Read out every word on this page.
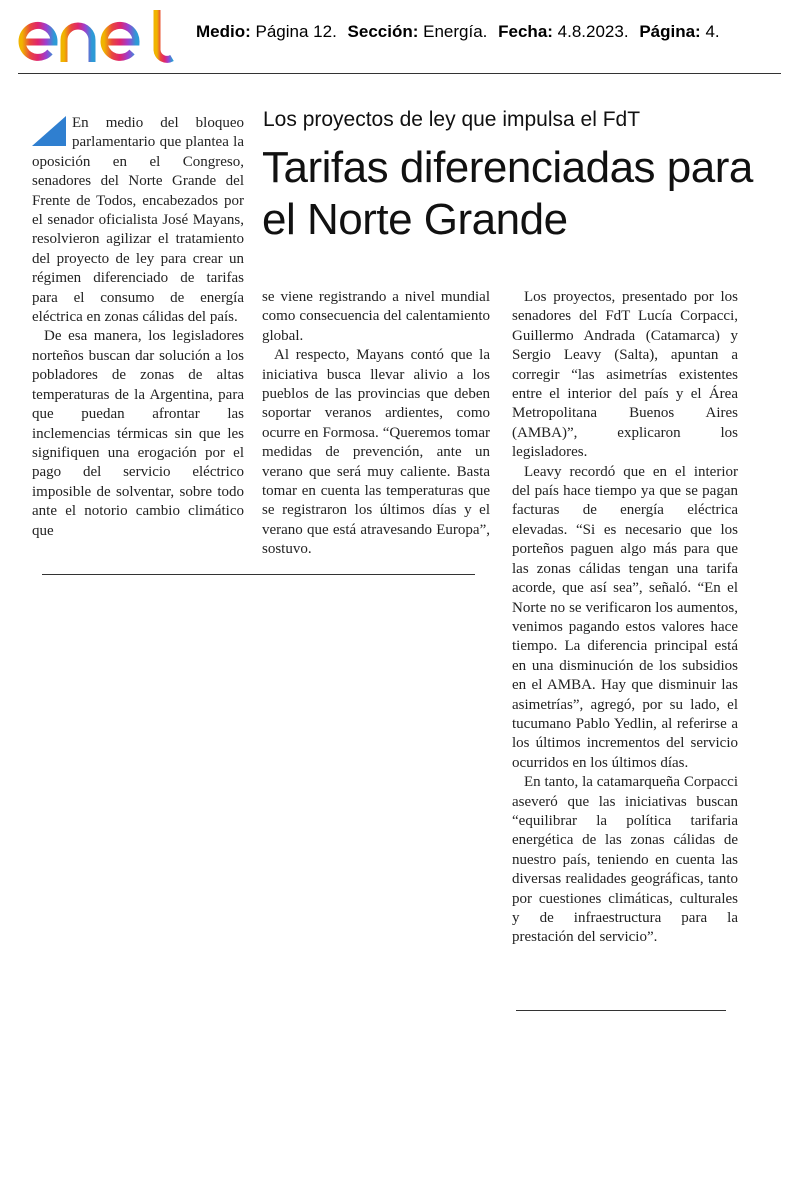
Medio: Página 12. Sección: Energía. Fecha: 4.8.2023. Página: 4.
Los proyectos de ley que impulsa el FdT
Tarifas diferenciadas para el Norte Grande

En medio del bloqueo parlamentario que plantea la oposición en el Congreso, senadores del Norte Grande del Frente de Todos, encabezados por el senador oficialista José Mayans, resolvieron agilizar el tratamiento del proyecto de ley para crear un régimen diferenciado de tarifas para el consumo de energía eléctrica en zonas cálidas del país.

De esa manera, los legisladores norteños buscan dar solución a los pobladores de zonas de altas temperaturas de la Argentina, para que puedan afrontar las inclemencias térmicas sin que les signifiquen una erogación por el pago del servicio eléctrico imposible de solventar, sobre todo ante el notorio cambio climático que

se viene registrando a nivel mundial como consecuencia del calentamiento global.

Al respecto, Mayans contó que la iniciativa busca llevar alivio a los pueblos de las provincias que deben soportar veranos ardientes, como ocurre en Formosa. “Queremos tomar medidas de prevención, ante un verano que será muy caliente. Basta tomar en cuenta las temperaturas que se registraron los últimos días y el verano que está atravesando Europa”, sostuvo.

Los proyectos, presentado por los senadores del FdT Lucía Corpacci, Guillermo Andrada (Catamarca) y Sergio Leavy (Salta), apuntan a corregir “las asimetrías existentes entre el interior del país y el Área Metropolitana Buenos Aires (AMBA)”, explicaron los legisladores.

Leavy recordó que en el interior del país hace tiempo ya que se pagan facturas de energía eléctrica elevadas. “Si es necesario que los porteños paguen algo más para que las zonas cálidas tengan una tarifa acorde, que así sea”, señaló. “En el Norte no se verificaron los aumentos, venimos pagando estos valores hace tiempo. La diferencia principal está en una disminución de los subsidios en el AMBA. Hay que disminuir las asimetrías”, agregó, por su lado, el tucumano Pablo Yedlin, al referirse a los últimos incrementos del servicio ocurridos en los últimos días.

En tanto, la catamarqueña Corpacci aseveró que las iniciativas buscan “equilibrar la política tarifaria energética de las zonas cálidas de nuestro país, teniendo en cuenta las diversas realidades geográficas, tanto por cuestiones climáticas, culturales y de infraestructura para la prestación del servicio”.
